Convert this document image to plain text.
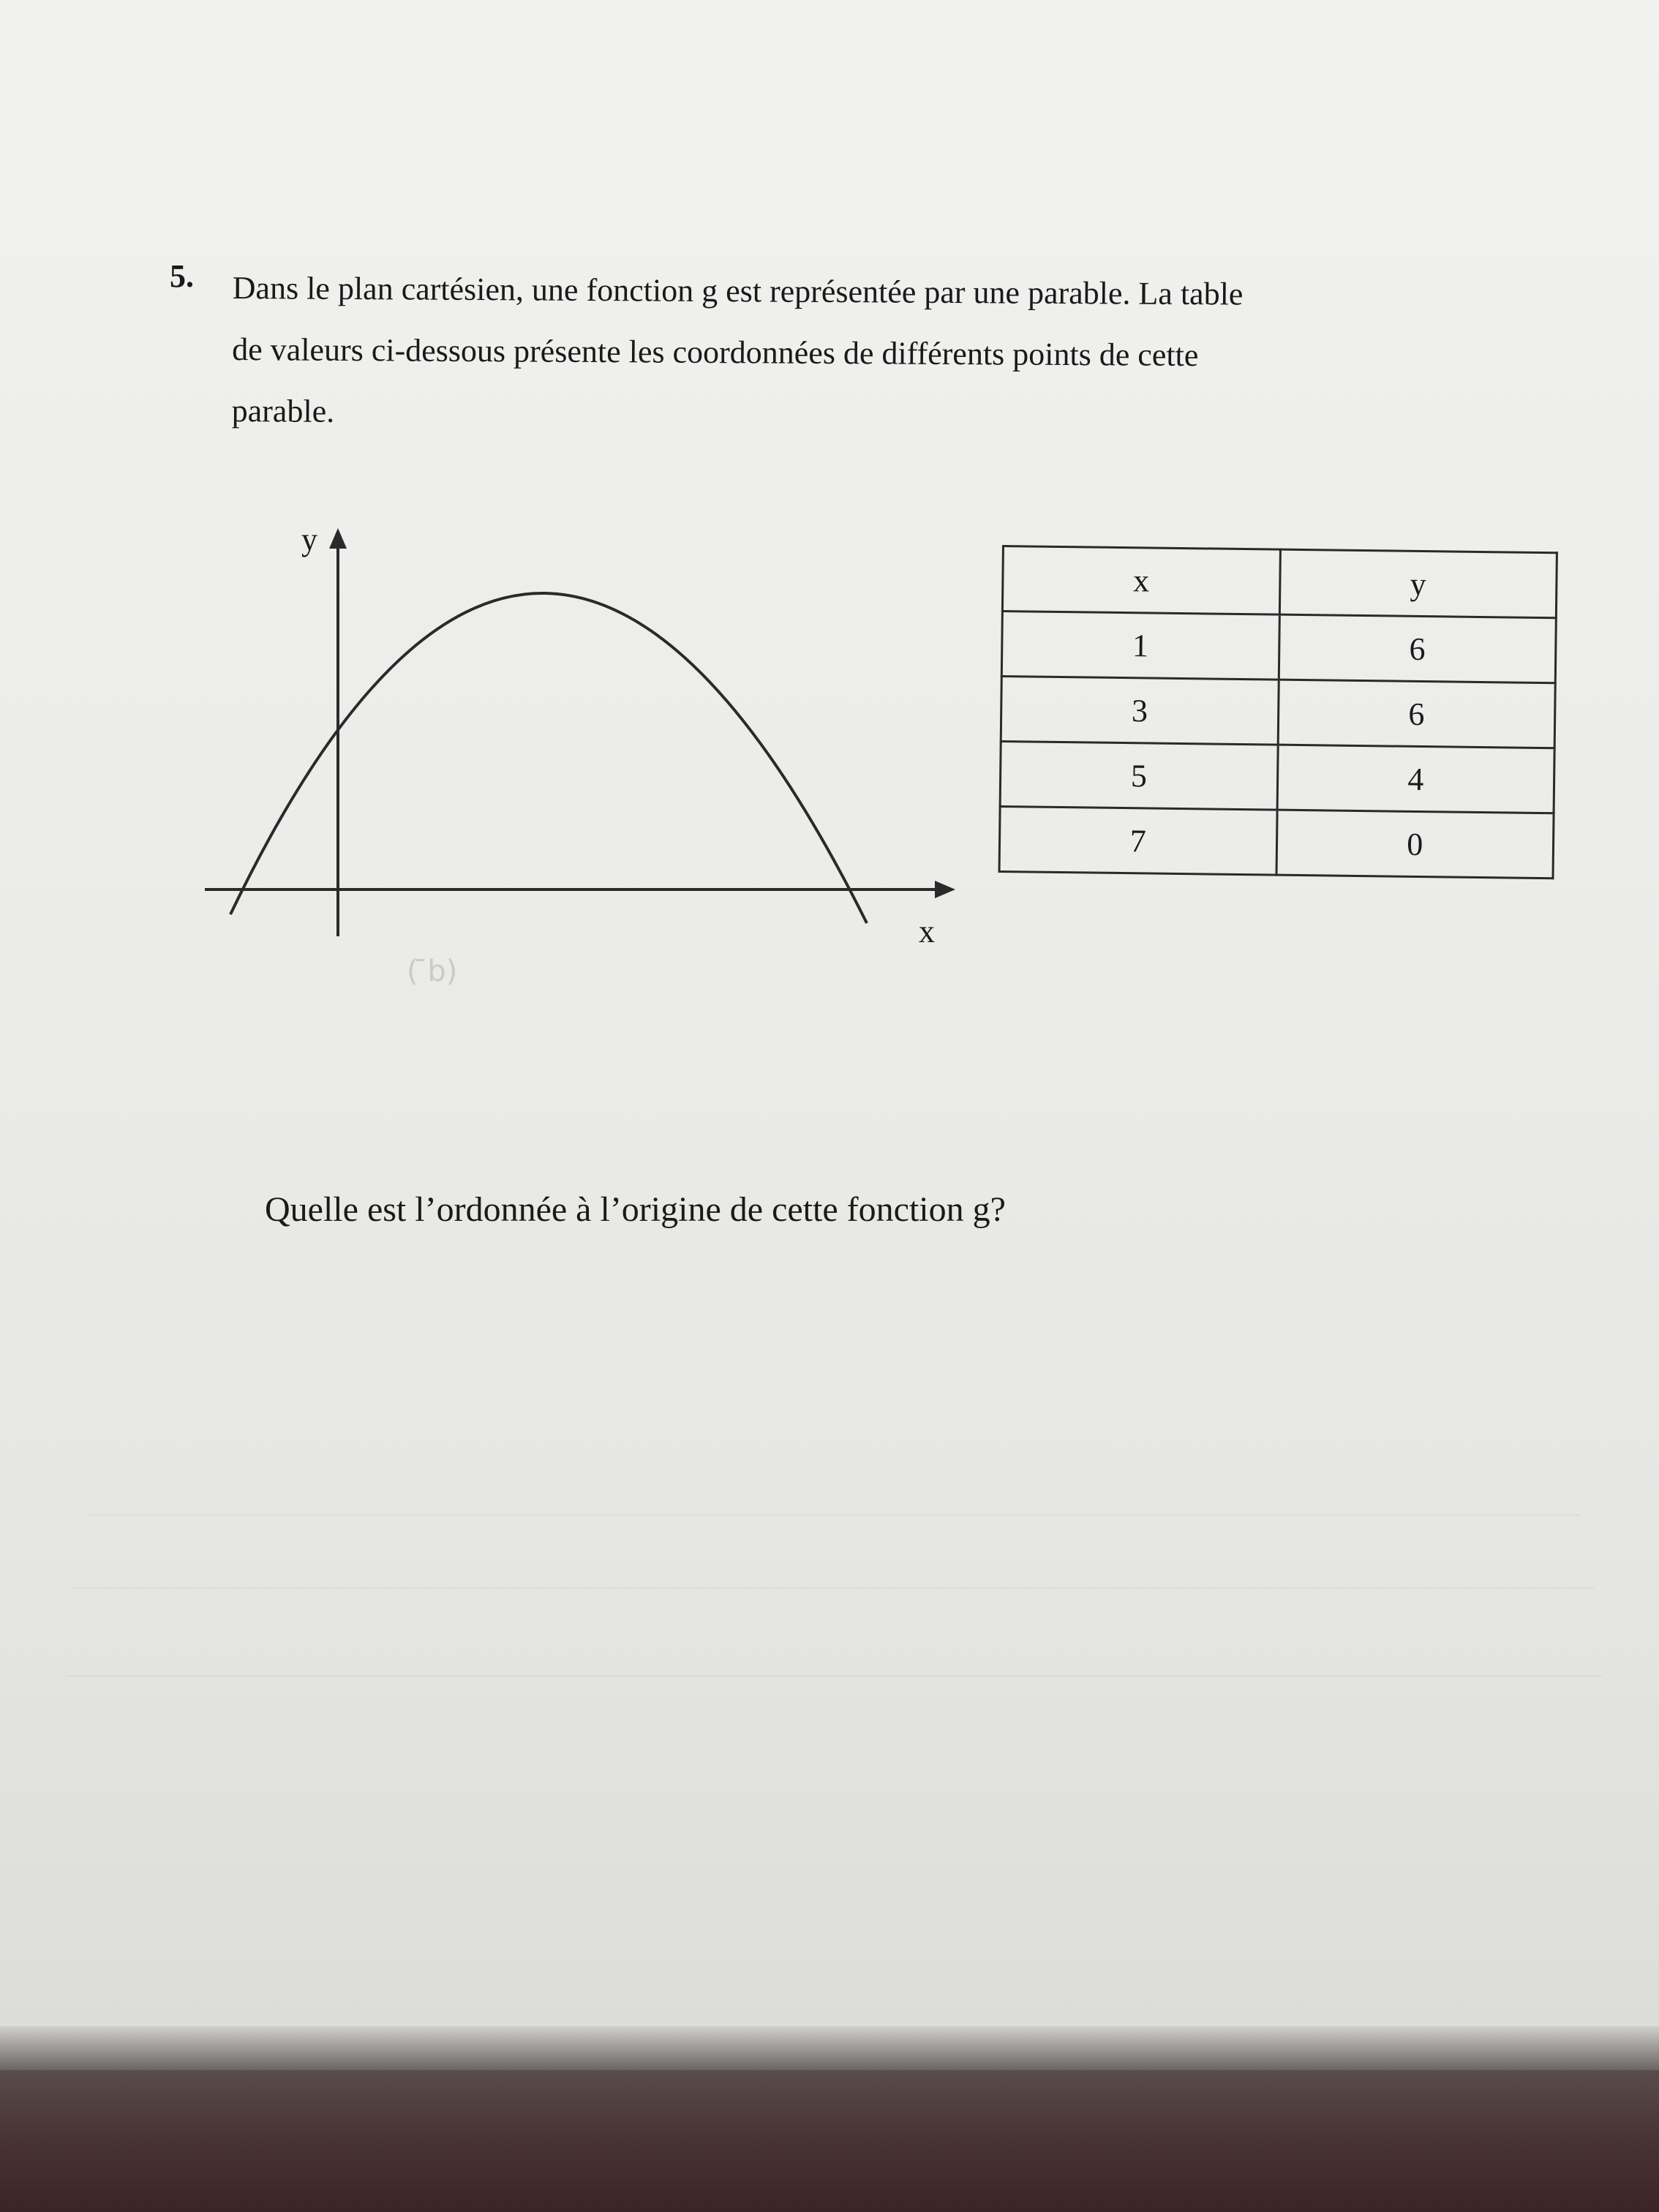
5. Dans le plan cartésien, une fonction g est représentée par une parable. La table
de valeurs ci-dessous présente les coordonnées de différents points de cette
parable.
y
x
( ̄b)
x	y
1	6
3	6
5	4
7	0
Quelle est l’ordonnée à l’origine de cette fonction g?
